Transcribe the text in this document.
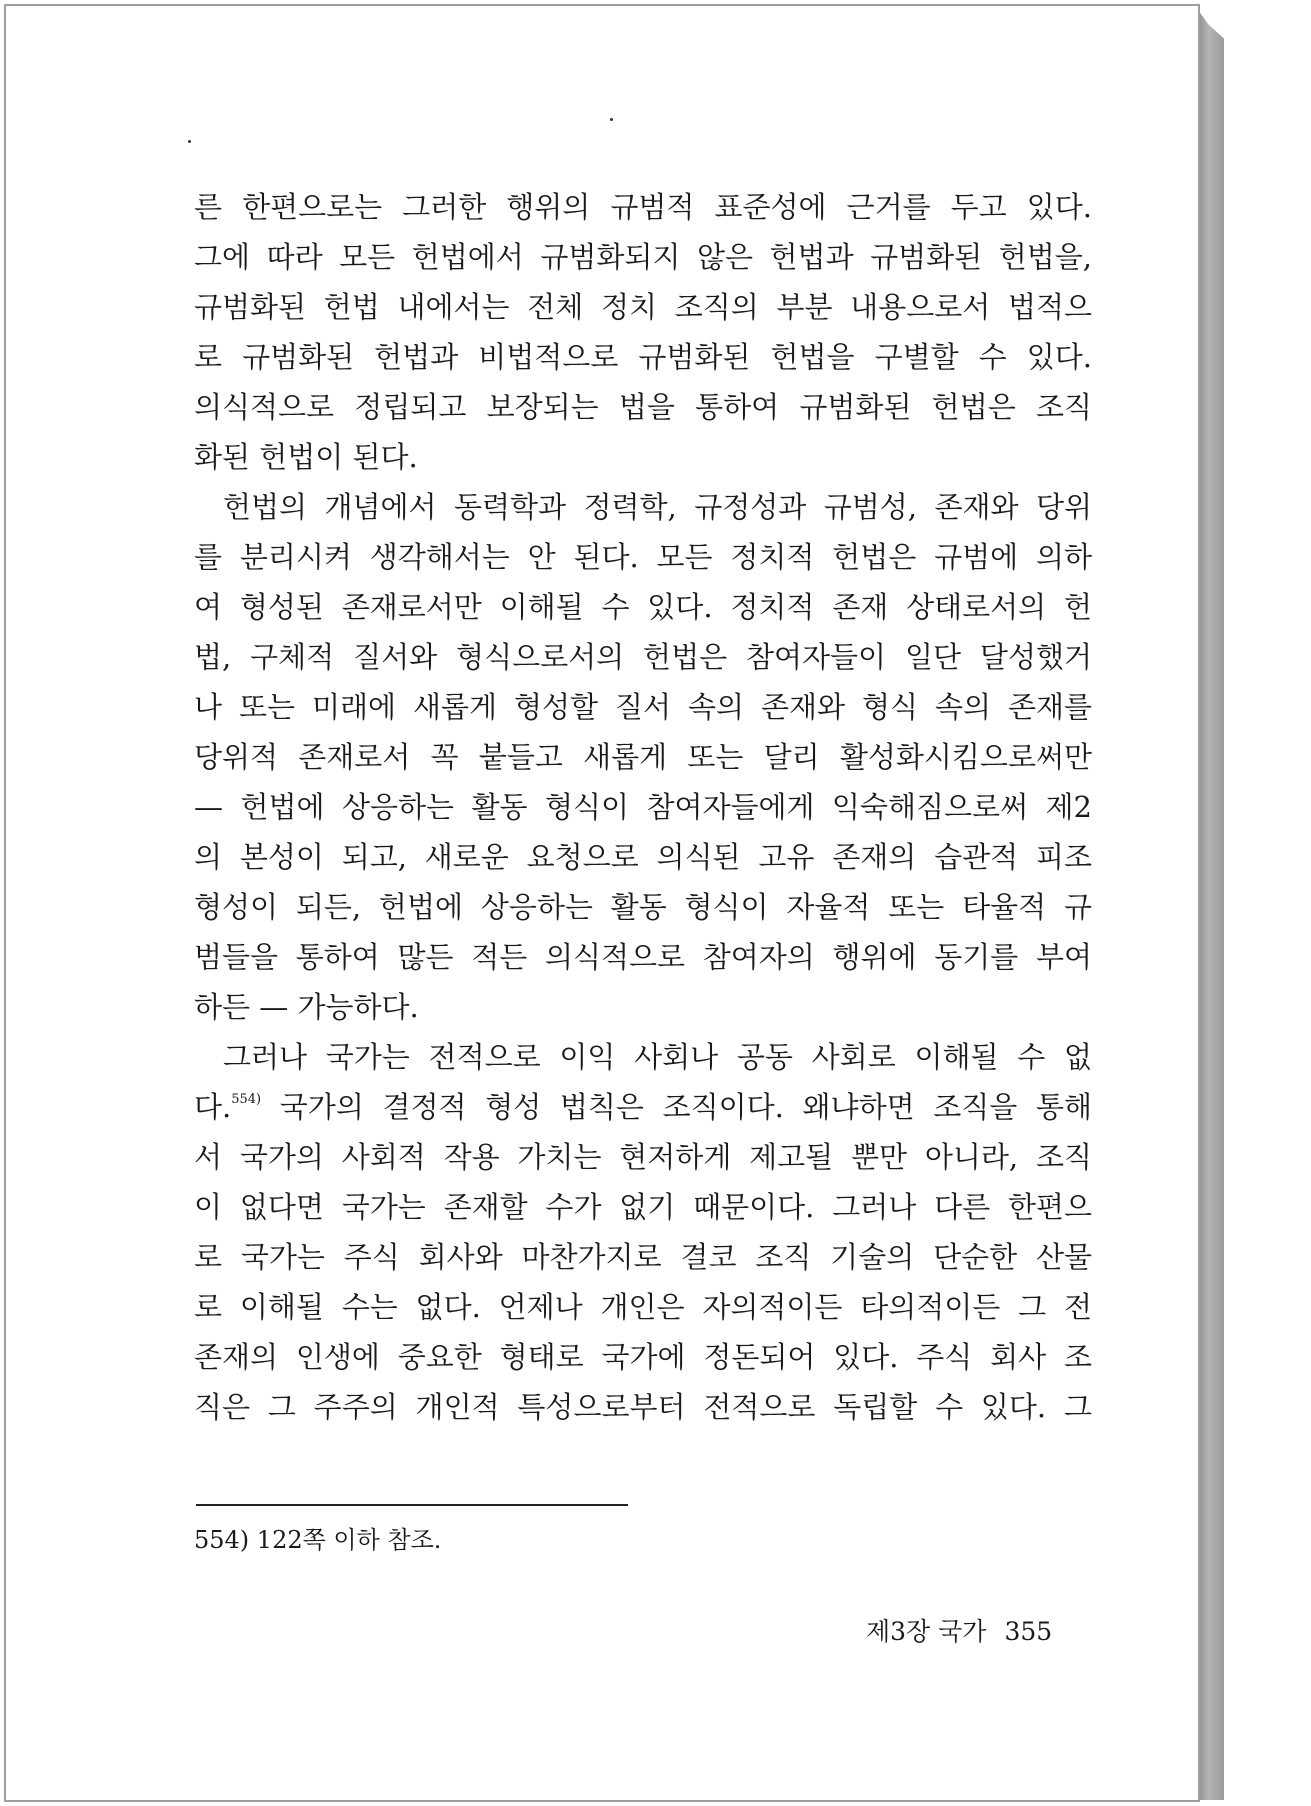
른 한편으로는 그러한 행위의 규범적 표준성에 근거를 두고 있다.
그에 따라 모든 헌법에서 규범화되지 않은 헌법과 규범화된 헌법을,
규범화된 헌법 내에서는 전체 정치 조직의 부분 내용으로서 법적으
로 규범화된 헌법과 비법적으로 규범화된 헌법을 구별할 수 있다.
의식적으로 정립되고 보장되는 법을 통하여 규범화된 헌법은 조직
화된 헌법이 된다.
헌법의 개념에서 동력학과 정력학, 규정성과 규범성, 존재와 당위
를 분리시켜 생각해서는 안 된다. 모든 정치적 헌법은 규범에 의하
여 형성된 존재로서만 이해될 수 있다. 정치적 존재 상태로서의 헌
법, 구체적 질서와 형식으로서의 헌법은 참여자들이 일단 달성했거
나 또는 미래에 새롭게 형성할 질서 속의 존재와 형식 속의 존재를
당위적 존재로서 꼭 붙들고 새롭게 또는 달리 활성화시킴으로써만
— 헌법에 상응하는 활동 형식이 참여자들에게 익숙해짐으로써 제2
의 본성이 되고, 새로운 요청으로 의식된 고유 존재의 습관적 피조
형성이 되든, 헌법에 상응하는 활동 형식이 자율적 또는 타율적 규
범들을 통하여 많든 적든 의식적으로 참여자의 행위에 동기를 부여
하든 — 가능하다.
그러나 국가는 전적으로 이익 사회나 공동 사회로 이해될 수 없
다.$^{554)}$ 국가의 결정적 형성 법칙은 조직이다. 왜냐하면 조직을 통해
서 국가의 사회적 작용 가치는 현저하게 제고될 뿐만 아니라, 조직
이 없다면 국가는 존재할 수가 없기 때문이다. 그러나 다른 한편으
로 국가는 주식 회사와 마찬가지로 결코 조직 기술의 단순한 산물
로 이해될 수는 없다. 언제나 개인은 자의적이든 타의적이든 그 전
존재의 인생에 중요한 형태로 국가에 정돈되어 있다. 주식 회사 조
직은 그 주주의 개인적 특성으로부터 전적으로 독립할 수 있다. 그
554) 122쪽 이하 참조.
제3장 국가 355
